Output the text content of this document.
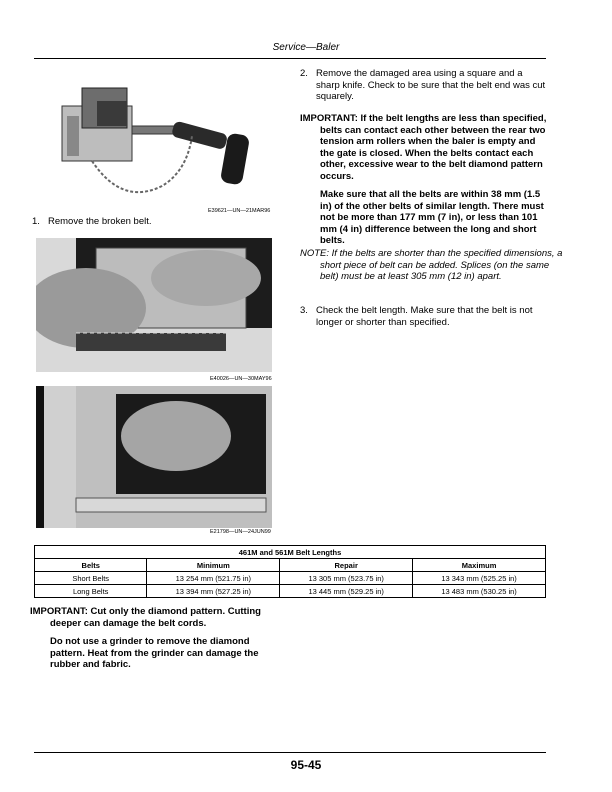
Service—Baler
E39621—UN—21MAR96
1. Remove the broken belt.
E40026—UN—30MAY96
E21798—UN—24JUN99
2. Remove the damaged area using a square and a sharp knife. Check to be sure that the belt end was cut squarely.

IMPORTANT: If the belt lengths are less than specified, belts can contact each other between the rear two tension arm rollers when the baler is empty and the gate is closed. When the belts contact each other, excessive wear to the belt diamond pattern occurs.

Make sure that all the belts are within 38 mm (1.5 in) of the other belts of similar length. There must not be more than 177 mm (7 in), or less than 101 mm (4 in) difference between the long and short belts.

NOTE: If the belts are shorter than the specified dimensions, a short piece of belt can be added. Splices (on the same belt) must be at least 305 mm (12 in) apart.
3. Check the belt length. Make sure that the belt is not longer or shorter than specified.
461M and 561M Belt Lengths			
Belts	Minimum	Repair	Maximum
Short Belts	13 254 mm (521.75 in)	13 305 mm (523.75 in)	13 343 mm (525.25 in)
Long Belts	13 394 mm (527.25 in)	13 445 mm (529.25 in)	13 483 mm (530.25 in)

IMPORTANT: Cut only the diamond pattern. Cutting deeper can damage the belt cords.

Do not use a grinder to remove the diamond pattern. Heat from the grinder can damage the rubber and fabric.

95-45
